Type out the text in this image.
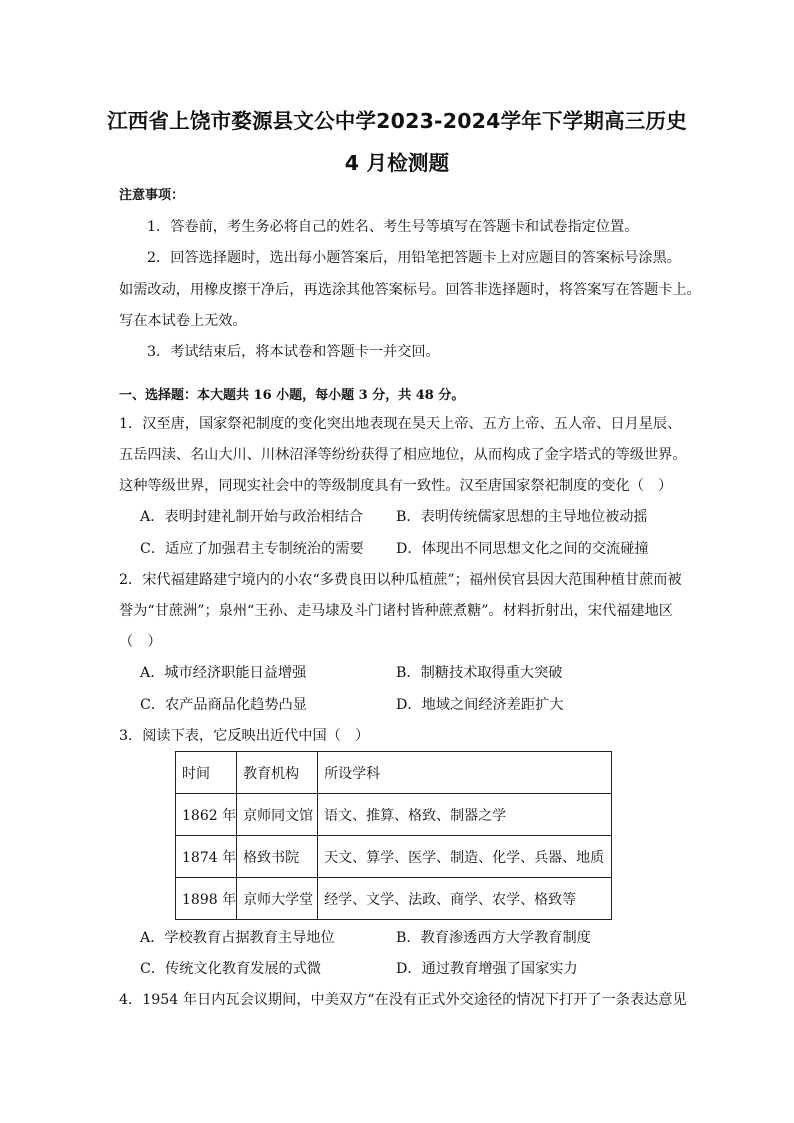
江西省上饶市婺源县文公中学2023-2024学年下学期高三历史
4 月检测题
注意事项：
1．答卷前，考生务必将自己的姓名、考生号等填写在答题卡和试卷指定位置。
2．回答选择题时，选出每小题答案后，用铅笔把答题卡上对应题目的答案标号涂黑。
如需改动，用橡皮擦干净后，再选涂其他答案标号。回答非选择题时，将答案写在答题卡上。
写在本试卷上无效。
3．考试结束后，将本试卷和答题卡一并交回。
一、选择题：本大题共 16 小题，每小题 3 分，共 48 分。
1．汉至唐，国家祭祀制度的变化突出地表现在昊天上帝、五方上帝、五人帝、日月星辰、
五岳四渎、名山大川、川林沼泽等纷纷获得了相应地位，从而构成了金字塔式的等级世界。
这种等级世界，同现实社会中的等级制度具有一致性。汉至唐国家祭祀制度的变化（　）
A．表明封建礼制开始与政治相结合 B．表明传统儒家思想的主导地位被动摇
C．适应了加强君主专制统治的需要 D．体现出不同思想文化之间的交流碰撞
2．宋代福建路建宁境内的小农“多费良田以种瓜植蔗”；福州侯官县因大范围种植甘蔗而被
誉为“甘蔗洲”；泉州“王孙、走马埭及斗门诸村皆种蔗煮糖”。材料折射出，宋代福建地区
（　）
A．城市经济职能日益增强	B．制糖技术取得重大突破
C．农产品商品化趋势凸显	D．地域之间经济差距扩大
3．阅读下表，它反映出近代中国（　）
时间	教育机构	所设学科
1862 年	京师同文馆	语文、推算、格致、制器之学
1874 年	格致书院	天文、算学、医学、制造、化学、兵器、地质
1898 年	京师大学堂	经学、文学、法政、商学、农学、格致等
A．学校教育占据教育主导地位	B．教育渗透西方大学教育制度
C．传统文化教育发展的式微	D．通过教育增强了国家实力
4．1954 年日内瓦会议期间，中美双方“在没有正式外交途径的情况下打开了一条表达意见
